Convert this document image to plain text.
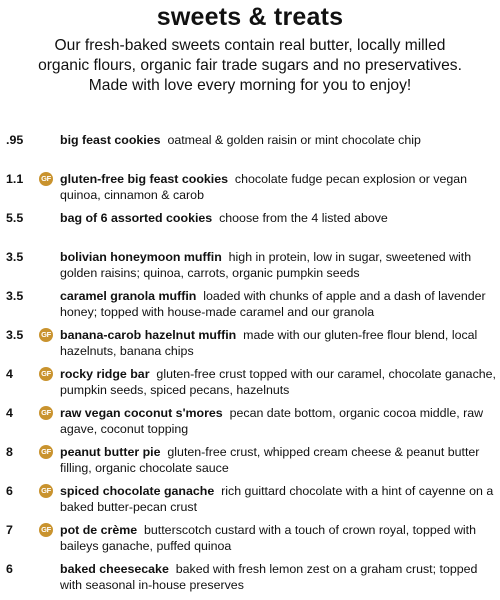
sweets & treats
Our fresh-baked sweets contain real butter, locally milled
organic flours, organic fair trade sugars and no preservatives.
Made with love every morning for you to enjoy!
.95	big feast cookies oatmeal & golden raisin or mint chocolate chip
1.1	GF gluten-free big feast cookies chocolate fudge pecan explosion or vegan quinoa, cinnamon & carob
5.5	bag of 6 assorted cookies choose from the 4 listed above
3.5	bolivian honeymoon muffin high in protein, low in sugar, sweetened with golden raisins; quinoa, carrots, organic pumpkin seeds
3.5	caramel granola muffin loaded with chunks of apple and a dash of lavender honey; topped with house-made caramel and our granola
3.5	GF banana-carob hazelnut muffin made with our gluten-free flour blend, local hazelnuts, banana chips
4	GF rocky ridge bar gluten-free crust topped with our caramel, chocolate ganache, pumpkin seeds, spiced pecans, hazelnuts
4	GF raw vegan coconut s'mores pecan date bottom, organic cocoa middle, raw agave, coconut topping
8	GF peanut butter pie gluten-free crust, whipped cream cheese & peanut butter filling, organic chocolate sauce
6	GF spiced chocolate ganache rich guittard chocolate with a hint of cayenne on a baked butter-pecan crust
7	GF pot de crème butterscotch custard with a touch of crown royal, topped with baileys ganache, puffed quinoa
6	baked cheesecake baked with fresh lemon zest on a graham crust; topped with seasonal in-house preserves
